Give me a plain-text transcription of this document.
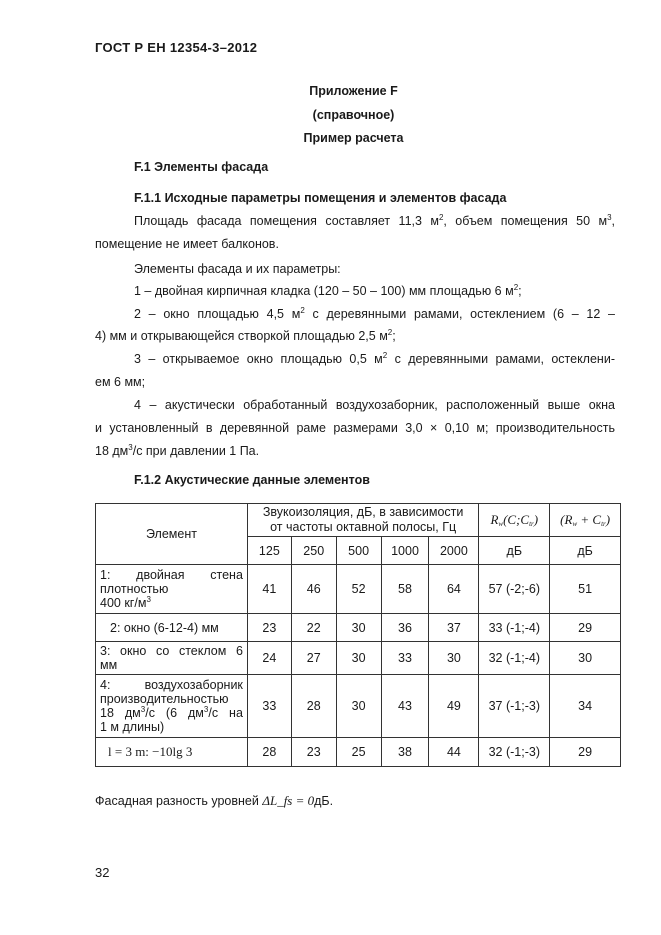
ГОСТ Р ЕН 12354-3–2012
Приложение F
(справочное)
Пример расчета
F.1 Элементы фасада
F.1.1 Исходные параметры помещения и элементов фасада
Площадь фасада помещения составляет 11,3 $м^2$, объем помещения 50 $м^3$,
помещение не имеет балконов.
Элементы фасада и их параметры:
1 – двойная кирпичная кладка (120 – 50 – 100) мм площадью 6 $м^2$;
2 – окно площадью 4,5 $м^2$ с деревянными рамами, остеклением (6 – 12 –
4) мм и открывающейся створкой площадью 2,5 $м^2$;
3 – открываемое окно площадью 0,5 $м^2$ с деревянными рамами, остеклени-
ем 6 мм;
4 – акустически обработанный воздухозаборник, расположенный выше окна
и установленный в деревянной раме размерами 3,0 × 0,10 м; производительность
18 $дм^3/с$ при давлении 1 Па.
F.1.2 Акустические данные элементов
Элемент	Звукоизоляция, дБ, в зависимости
от частоты октавной полосы, Гц					$R_w(C;C_{tr})$	$(R_w + C_{tr})$
	125	250	500	1000	2000	дБ	дБ

1: двойная стена
плотностью
400 $кг/м^3$	41	46	52	58	64	57 (-2;-6)	51

2: окно (6-12-4) мм	23	22	30	36	37	33 (-1;-4)	29

3: окно со стеклом 6
мм	24	27	30	33	30	32 (-1;-4)	30

4: воздухозаборник
производительностью
18 $дм^3/с$ (6 $дм^3/с$ на
1 м длины)	33	28	30	43	49	37 (-1;-3)	34

l = 3 m: −10lg 3	28	23	25	38	44	32 (-1;-3)	29
Фасадная разность уровней ΔL_fs = 0дБ.
32
